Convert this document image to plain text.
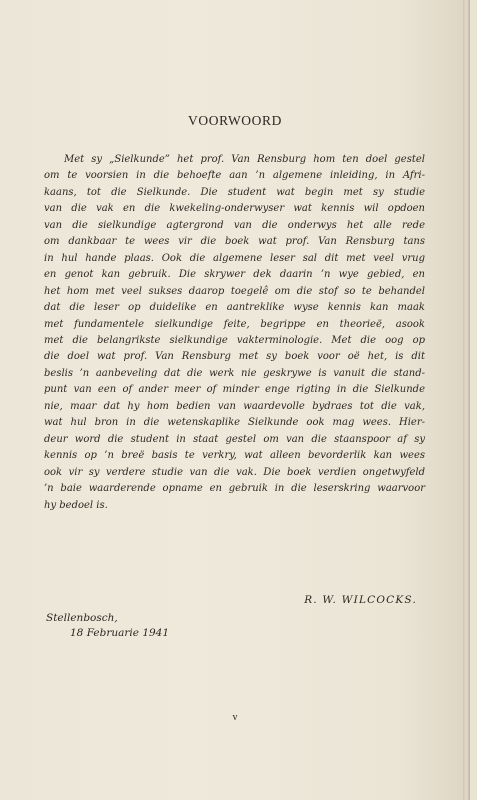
VOORWOORD
Met sy „Sielkunde” het prof. Van Rensburg hom ten doel gestel
om te voorsien in die behoefte aan ’n algemene inleiding, in Afri-
kaans, tot die Sielkunde. Die student wat begin met sy studie
van die vak en die kwekeling-onderwyser wat kennis wil opdoen
van die sielkundige agtergrond van die onderwys het alle rede
om dankbaar te wees vir die boek wat prof. Van Rensburg tans
in hul hande plaas. Ook die algemene leser sal dit met veel vrug
en genot kan gebruik. Die skrywer dek daarin ’n wye gebied, en
het hom met veel sukses daarop toegelê om die stof so te behandel
dat die leser op duidelike en aantreklike wyse kennis kan maak
met fundamentele sielkundige feite, begrippe en theorieë, asook
met die belangrikste sielkundige vakterminologie. Met die oog op
die doel wat prof. Van Rensburg met sy boek voor oë het, is dit
beslis ’n aanbeveling dat die werk nie geskrywe is vanuit die stand-
punt van een of ander meer of minder enge rigting in die Sielkunde
nie, maar dat hy hom bedien van waardevolle bydraes tot die vak,
wat hul bron in die wetenskaplike Sielkunde ook mag wees. Hier-
deur word die student in staat gestel om van die staanspoor af sy
kennis op ’n breë basis te verkry, wat alleen bevorderlik kan wees
ook vir sy verdere studie van die vak. Die boek verdien ongetwyfeld
’n baie waarderende opname en gebruik in die leserskring waarvoor
hy bedoel is.
R. W. WILCOCKS.
Stellenbosch,
18 Februarie 1941
v
